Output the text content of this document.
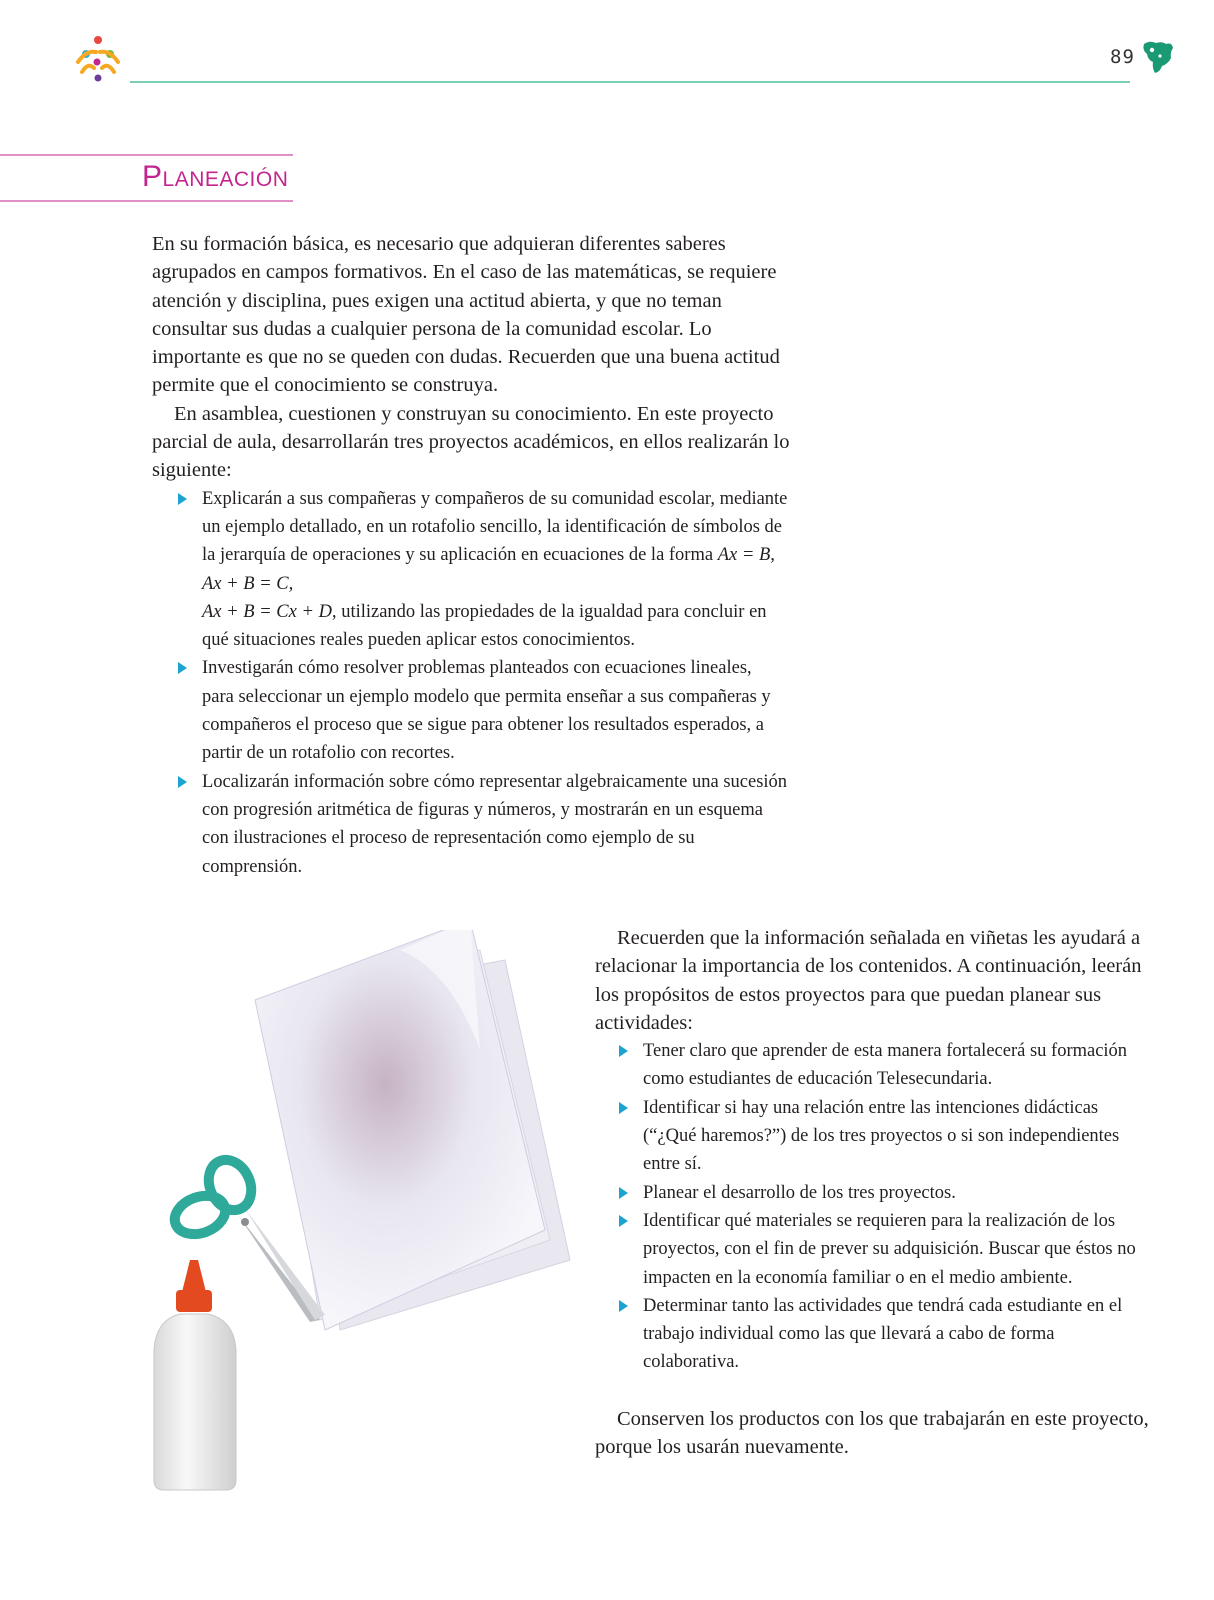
89
Planeación

En su formación básica, es necesario que adquieran diferentes saberes agrupados en campos formativos. En el caso de las matemáticas, se requiere atención y disciplina, pues exigen una actitud abierta, y que no teman consultar sus dudas a cualquier persona de la comunidad escolar. Lo importante es que no se queden con dudas. Recuerden que una buena actitud permite que el conocimiento se construya.

En asamblea, cuestionen y construyan su conocimiento. En este proyecto parcial de aula, desarrollarán tres proyectos académicos, en ellos realizarán lo siguiente:

Explicarán a sus compañeras y compañeros de su comunidad escolar, mediante un ejemplo detallado, en un rotafolio sencillo, la identificación de símbolos de la jerarquía de operaciones y su aplicación en ecuaciones de la forma Ax = B, Ax + B = C,
Ax + B = Cx + D, utilizando las propiedades de la igualdad para concluir en qué situaciones reales pueden aplicar estos conocimientos.
Investigarán cómo resolver problemas planteados con ecuaciones lineales, para seleccionar un ejemplo modelo que permita enseñar a sus compañeras y compañeros el proceso que se sigue para obtener los resultados esperados, a partir de un rotafolio con recortes.
Localizarán información sobre cómo representar algebraicamente una sucesión con progresión aritmética de figuras y números, y mostrarán en un esquema con ilustraciones el proceso de representación como ejemplo de su comprensión.

Recuerden que la información señalada en viñetas les ayudará a relacionar la importancia de los contenidos. A continuación, leerán los propósitos de estos proyectos para que puedan planear sus actividades:

Tener claro que aprender de esta manera fortalecerá su formación como estudiantes de educación Telesecundaria.
Identificar si hay una relación entre las intenciones didácticas (“¿Qué haremos?”) de los tres proyectos o si son independientes entre sí.
Planear el desarrollo de los tres proyectos.
Identificar qué materiales se requieren para la realización de los proyectos, con el fin de prever su adquisición. Buscar que éstos no impacten en la economía familiar o en el medio ambiente.
Determinar tanto las actividades que tendrá cada estudiante en el trabajo individual como las que llevará a cabo de forma colaborativa.

Conserven los productos con los que trabajarán en este proyecto, porque los usarán nuevamente.
